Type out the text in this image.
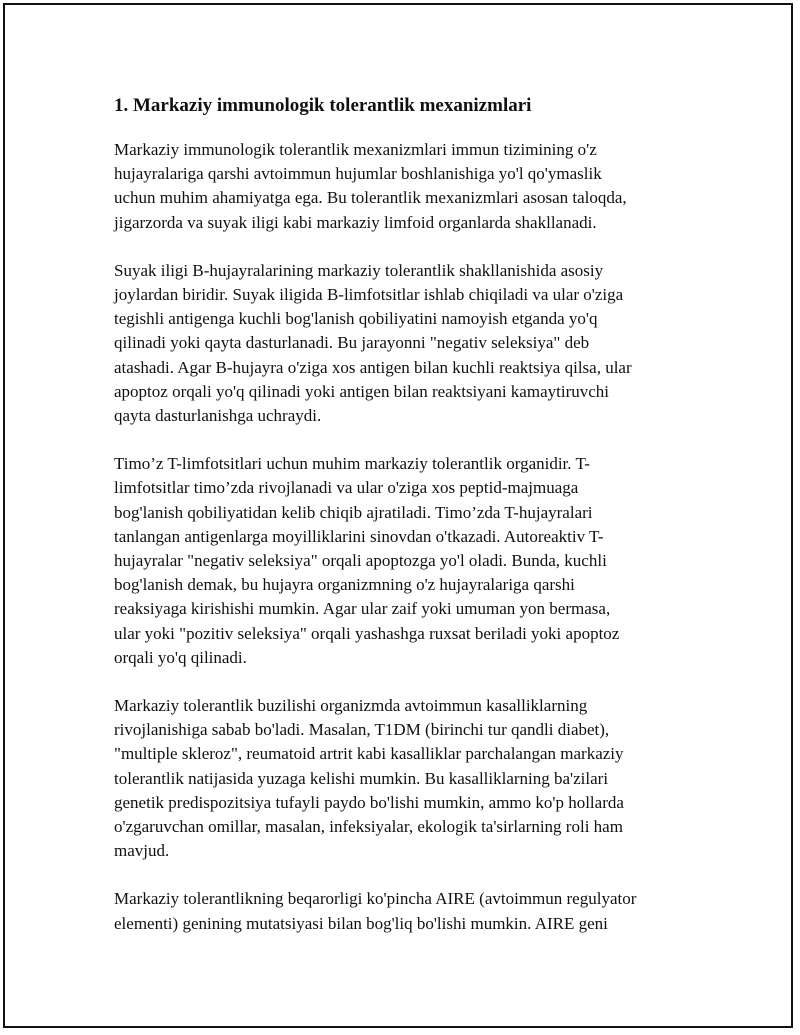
1. Markaziy immunologik tolerantlik mexanizmlari
Markaziy immunologik tolerantlik mexanizmlari immun tizimining o'z
hujayralariga qarshi avtoimmun hujumlar boshlanishiga yo'l qo'ymaslik
uchun muhim ahamiyatga ega. Bu tolerantlik mexanizmlari asosan taloqda,
jigarzorda va suyak iligi kabi markaziy limfoid organlarda shakllanadi.
Suyak iligi B-hujayralarining markaziy tolerantlik shakllanishida asosiy
joylardan biridir. Suyak iligida B-limfotsitlar ishlab chiqiladi va ular o'ziga
tegishli antigenga kuchli bog'lanish qobiliyatini namoyish etganda yo'q
qilinadi yoki qayta dasturlanadi. Bu jarayonni "negativ seleksiya" deb
atashadi. Agar B-hujayra o'ziga xos antigen bilan kuchli reaktsiya qilsa, ular
apoptoz orqali yo'q qilinadi yoki antigen bilan reaktsiyani kamaytiruvchi
qayta dasturlanishga uchraydi.
Timo’z T-limfotsitlari uchun muhim markaziy tolerantlik organidir. T-
limfotsitlar timo’zda rivojlanadi va ular o'ziga xos peptid-majmuaga
bog'lanish qobiliyatidan kelib chiqib ajratiladi. Timo’zda T-hujayralari
tanlangan antigenlarga moyilliklarini sinovdan o'tkazadi. Autoreaktiv T-
hujayralar "negativ seleksiya" orqali apoptozga yo'l oladi. Bunda, kuchli
bog'lanish demak, bu hujayra organizmning o'z hujayralariga qarshi
reaksiyaga kirishishi mumkin. Agar ular zaif yoki umuman yon bermasa,
ular yoki "pozitiv seleksiya" orqali yashashga ruxsat beriladi yoki apoptoz
orqali yo'q qilinadi.
Markaziy tolerantlik buzilishi organizmda avtoimmun kasalliklarning
rivojlanishiga sabab bo'ladi. Masalan, T1DM (birinchi tur qandli diabet),
"multiple skleroz", reumatoid artrit kabi kasalliklar parchalangan markaziy
tolerantlik natijasida yuzaga kelishi mumkin. Bu kasalliklarning ba'zilari
genetik predispozitsiya tufayli paydo bo'lishi mumkin, ammo ko'p hollarda
o'zgaruvchan omillar, masalan, infeksiyalar, ekologik ta'sirlarning roli ham
mavjud.
Markaziy tolerantlikning beqarorligi ko'pincha AIRE (avtoimmun regulyator
elementi) genining mutatsiyasi bilan bog'liq bo'lishi mumkin. AIRE geni
